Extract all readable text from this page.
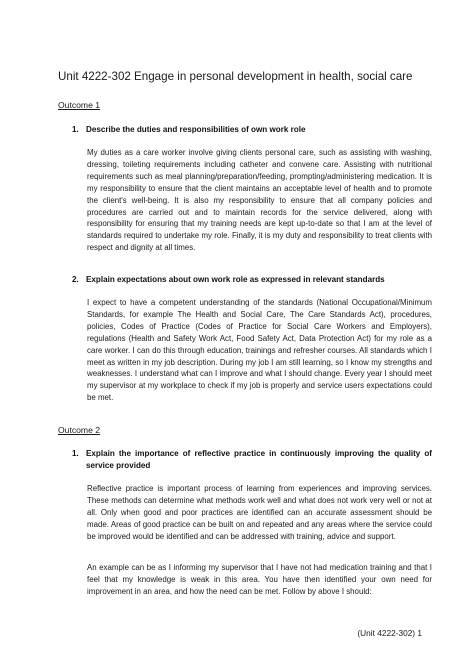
Unit 4222-302 Engage in personal development in health, social care
Outcome 1
1. Describe the duties and responsibilities of own work role
My duties as a care worker involve giving clients personal care, such as assisting with washing, dressing, toileting requirements including catheter and convene care. Assisting with nutritional requirements such as meal planning/preparation/feeding, prompting/administering medication. It is my responsibility to ensure that the client maintains an acceptable level of health and to promote the client's well-being. It is also my responsibility to ensure that all company policies and procedures are carried out and to maintain records for the service delivered, along with responsibility for ensuring that my training needs are kept up-to-date so that I am at the level of standards required to undertake my role. Finally, it is my duty and responsibility to treat clients with respect and dignity at all times.
2. Explain expectations about own work role as expressed in relevant standards
I expect to have a competent understanding of the standards (National Occupational/Minimum Standards, for example The Health and Social Care, The Care Standards Act), procedures, policies, Codes of Practice (Codes of Practice for Social Care Workers and Employers), regulations (Health and Safety Work Act, Food Safety Act, Data Protection Act) for my role as a care worker. I can do this through education, trainings and refresher courses. All standards which I meet as written in my job description. During my job I am still learning, so I know my strengths and weaknesses. I understand what can I improve and what I should change. Every year I should meet my supervisor at my workplace to check if my job is properly and service users expectations could be met.
Outcome 2
1. Explain the importance of reflective practice in continuously improving the quality of service provided
Reflective practice is important process of learning from experiences and improving services. These methods can determine what methods work well and what does not work very well or not at all. Only when good and poor practices are identified can an accurate assessment should be made. Areas of good practice can be built on and repeated and any areas where the service could be improved would be identified and can be addressed with training, advice and support.
An example can be as I informing my supervisor that I have not had medication training and that I feel that my knowledge is weak in this area. You have then identified your own need for improvement in an area, and how the need can be met. Follow by above I should:
(Unit 4222-302) 1
